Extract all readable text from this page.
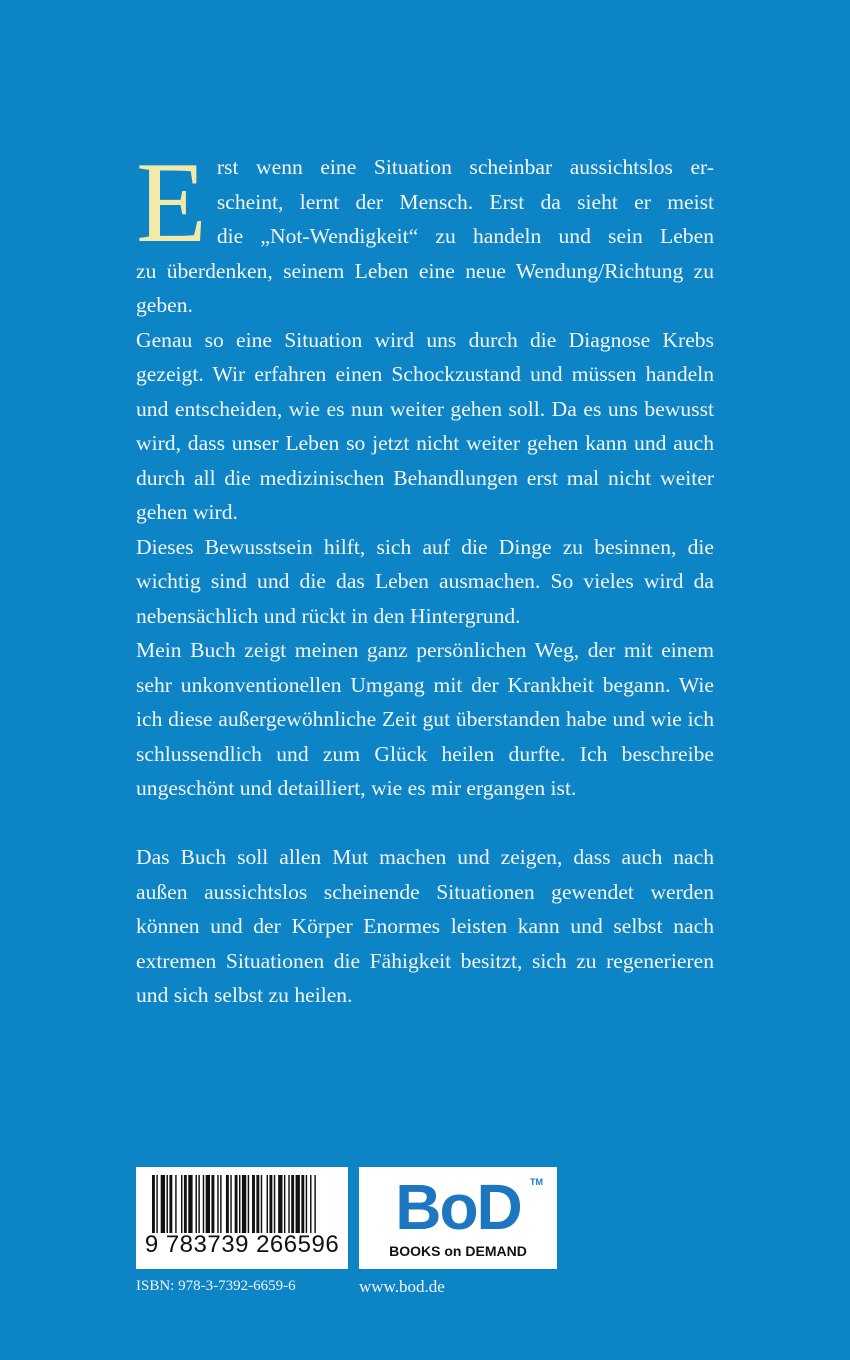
E rst wenn eine Situation scheinbar aussichtslos er-
scheint, lernt der Mensch. Erst da sieht er meist
die „Not-Wendigkeit“ zu handeln und sein Leben
zu überdenken, seinem Leben eine neue Wendung/Richtung zu geben.

Genau so eine Situation wird uns durch die Diagnose Krebs gezeigt. Wir erfahren einen Schockzustand und müssen handeln und entscheiden, wie es nun weiter gehen soll. Da es uns bewusst wird, dass unser Leben so jetzt nicht weiter gehen kann und auch durch all die medizinischen Behandlungen erst mal nicht weiter gehen wird.

Dieses Bewusstsein hilft, sich auf die Dinge zu besinnen, die wichtig sind und die das Leben ausmachen. So vieles wird da nebensächlich und rückt in den Hintergrund.

Mein Buch zeigt meinen ganz persönlichen Weg, der mit einem sehr unkonventionellen Umgang mit der Krankheit begann. Wie ich diese außergewöhnliche Zeit gut überstanden habe und wie ich schlussendlich und zum Glück heilen durfte. Ich beschreibe ungeschönt und detailliert, wie es mir ergangen ist.

Das Buch soll allen Mut machen und zeigen, dass auch nach außen aussichtslos scheinende Situationen gewendet werden können und der Körper Enormes leisten kann und selbst nach extremen Situationen die Fähigkeit besitzt, sich zu regenerieren und sich selbst zu heilen.

9 783739 266596
BoD	TM
BOOKS on DEMAND
ISBN: 978-3-7392-6659-6	www.bod.de
